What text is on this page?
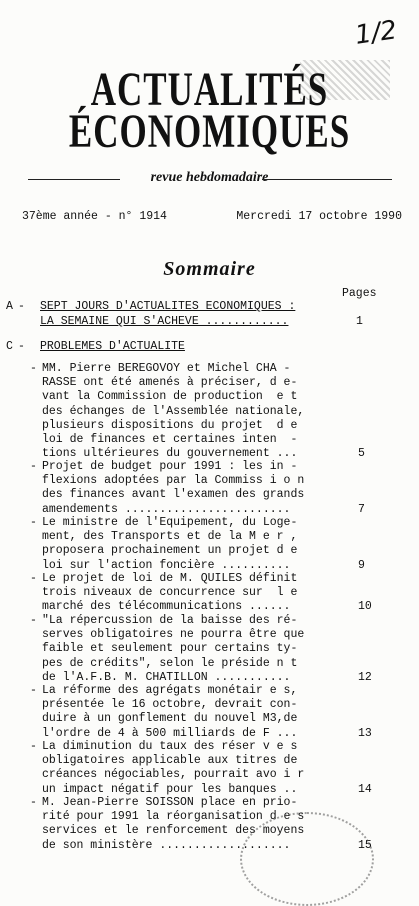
1/2
ACTUALITÉS
ÉCONOMIQUES
revue hebdomadaire
37ème année - n° 1914	Mercredi 17 octobre 1990
Sommaire
Pages
A - SEPT JOURS D'ACTUALITES ECONOMIQUES :
LA SEMAINE QUI S'ACHEVE ............	1
C - PROBLEMES D'ACTUALITE
- MM. Pierre BEREGOVOY et Michel CHA -
RASSE ont été amenés à préciser, d e-
vant la Commission de production  e t
des échanges de l'Assemblée nationale,
plusieurs dispositions du projet  d e
loi de finances et certaines inten  -
tions ultérieures du gouvernement ...	5
- Projet de budget pour 1991 : les in -
flexions adoptées par la Commiss i o n
des finances avant l'examen des grands
amendements ........................	7
- Le ministre de l'Equipement, du Loge-
ment, des Transports et de la M e r ,
proposera prochainement un projet d e
loi sur l'action foncière ..........	9
- Le projet de loi de M. QUILES définit
trois niveaux de concurrence sur  l e
marché des télécommunications ......	10
- "La répercussion de la baisse des ré-
serves obligatoires ne pourra être que
faible et seulement pour certains ty-
pes de crédits", selon le préside n t
de l'A.F.B. M. CHATILLON ...........	12
- La réforme des agrégats monétair e s,
présentée le 16 octobre, devrait con-
duire à un gonflement du nouvel M3,de
l'ordre de 4 à 500 milliards de F ...	13
- La diminution du taux des réser v e s
obligatoires applicable aux titres de
créances négociables, pourrait avo i r
un impact négatif pour les banques ..	14
- M. Jean-Pierre SOISSON place en prio-
rité pour 1991 la réorganisation d e s
services et le renforcement des moyens
de son ministère ...................	15
